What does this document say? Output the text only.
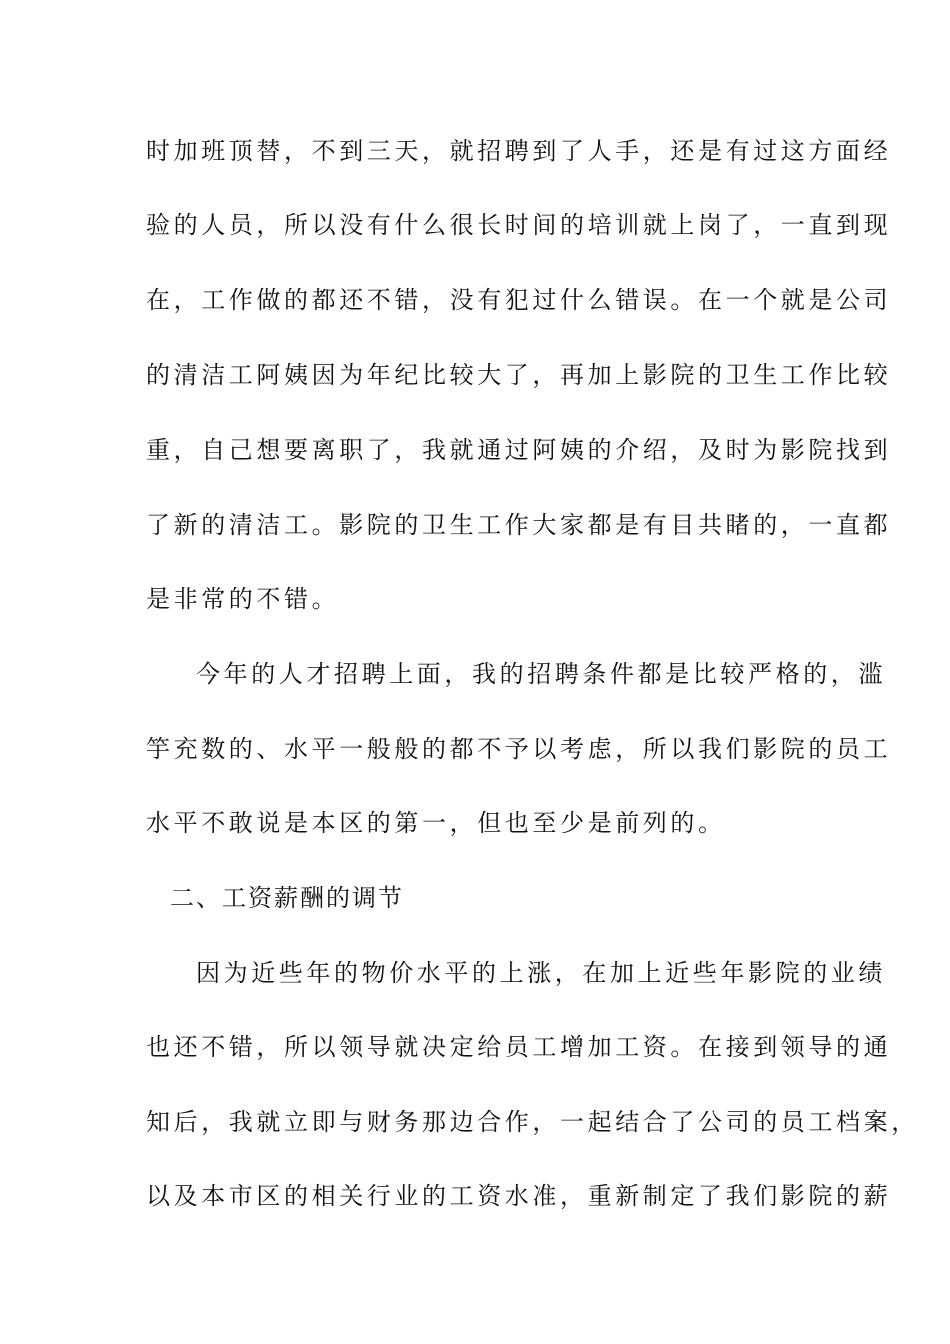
时加班顶替，不到三天，就招聘到了人手，还是有过这方面经
验的人员，所以没有什么很长时间的培训就上岗了，一直到现
在，工作做的都还不错，没有犯过什么错误。在一个就是公司
的清洁工阿姨因为年纪比较大了，再加上影院的卫生工作比较
重，自己想要离职了，我就通过阿姨的介绍，及时为影院找到
了新的清洁工。影院的卫生工作大家都是有目共睹的，一直都
是非常的不错。
今年的人才招聘上面，我的招聘条件都是比较严格的，滥
竽充数的、水平一般般的都不予以考虑，所以我们影院的员工
水平不敢说是本区的第一，但也至少是前列的。
二、工资薪酬的调节
因为近些年的物价水平的上涨，在加上近些年影院的业绩
也还不错，所以领导就决定给员工增加工资。在接到领导的通
知后，我就立即与财务那边合作，一起结合了公司的员工档案，
以及本市区的相关行业的工资水准，重新制定了我们影院的薪
